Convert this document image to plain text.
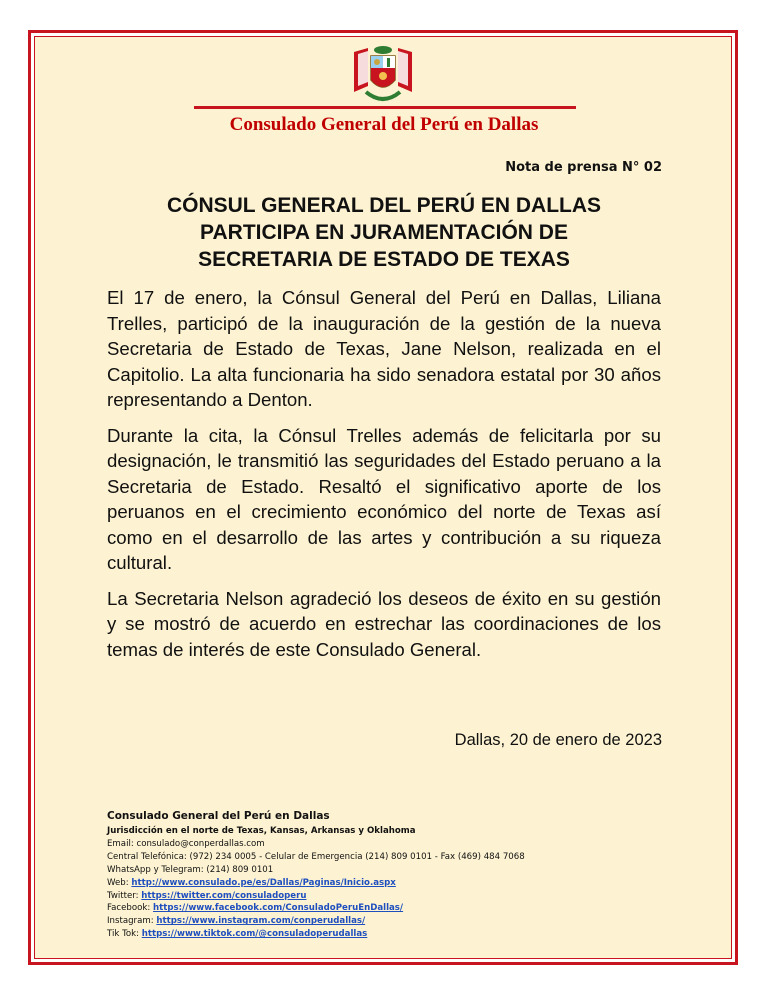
Consulado General del Perú en Dallas
Nota de prensa N° 02
CÓNSUL GENERAL DEL PERÚ EN DALLAS
PARTICIPA EN JURAMENTACIÓN DE
SECRETARIA DE ESTADO DE TEXAS

El 17 de enero, la Cónsul General del Perú en Dallas, Liliana Trelles, participó de la inauguración de la gestión de la nueva Secretaria de Estado de Texas, Jane Nelson, realizada en el Capitolio. La alta funcionaria ha sido senadora estatal por 30 años representando a Denton.

Durante la cita, la Cónsul Trelles además de felicitarla por su designación, le transmitió las seguridades del Estado peruano a la Secretaria de Estado. Resaltó el significativo aporte de los peruanos en el crecimiento económico del norte de Texas así como en el desarrollo de las artes y contribución a su riqueza cultural.

La Secretaria Nelson agradeció los deseos de éxito en su gestión y se mostró de acuerdo en estrechar las coordinaciones de los temas de interés de este Consulado General.

Dallas, 20 de enero de 2023
Consulado General del Perú en Dallas
Jurisdicción en el norte de Texas, Kansas, Arkansas y Oklahoma
Email: consulado@conperdallas.com
Central Telefónica: (972) 234 0005 - Celular de Emergencia (214) 809 0101 - Fax (469) 484 7068
WhatsApp y Telegram: (214) 809 0101
Web: http://www.consulado.pe/es/Dallas/Paginas/Inicio.aspx
Twitter: https://twitter.com/consuladoperu
Facebook: https://www.facebook.com/ConsuladoPeruEnDallas/
Instagram: https://www.instagram.com/conperudallas/
Tik Tok: https://www.tiktok.com/@consuladoperudallas
